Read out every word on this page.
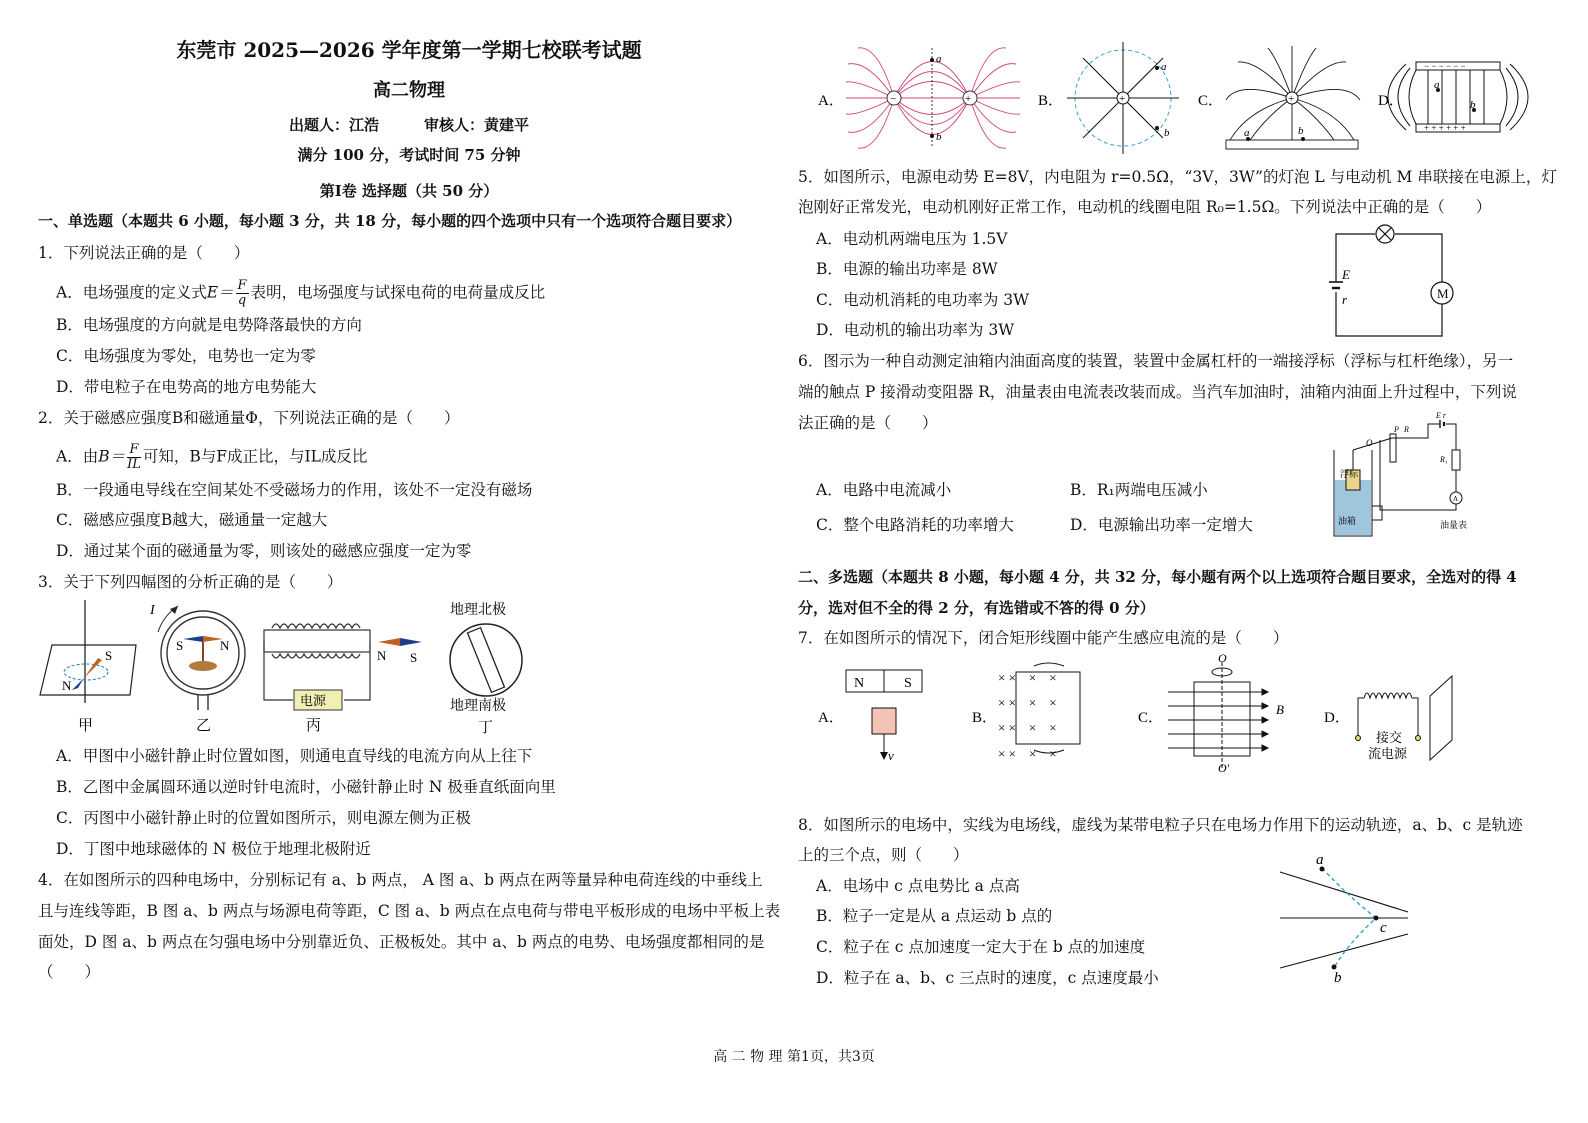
东莞市 2025—2026 学年度第一学期七校联考试题
高二物理
出题人：江浩　　　审核人：黄建平
满分 100 分，考试时间 75 分钟
第Ⅰ卷 选择题（共 50 分）
一、单选题（本题共 6 小题，每小题 3 分，共 18 分，每小题的四个选项中只有一个选项符合题目要求）
1．下列说法正确的是（　　）
A．电场强度的定义式$E= \frac{F}{q}$ 表明，电场强度与试探电荷的电荷量成反比
B．电场强度的方向就是电势降落最快的方向
C．电场强度为零处，电势也一定为零
D．带电粒子在电势高的地方电势能大
2．关于磁感应强度B和磁通量Φ，下列说法正确的是（　　）
A．由$B= \frac{F}{IL}$ 可知，B与F成正比，与IL成反比
B．一段通电导线在空间某处不受磁场力的作用，该处不一定没有磁场
C．磁感应强度B越大，磁通量一定越大
D．通过某个面的磁通量为零，则该处的磁感应强度一定为零
3．关于下列四幅图的分析正确的是（　　）
S
N
甲
I
S	N
乙
电源
N S
丙
地理北极
地理南极
丁
A．甲图中小磁针静止时位置如图，则通电直导线的电流方向从上往下
B．乙图中金属圆环通以逆时针电流时，小磁针静止时 N 极垂直纸面向里
C．丙图中小磁针静止时的位置如图所示，则电源左侧为正极
D．丁图中地球磁体的 N 极位于地理北极附近
4．在如图所示的四种电场中，分别标记有 a、b 两点， A 图 a、b 两点在两等量异种电荷连线的中垂线上
且与连线等距，B 图 a、b 两点与场源电荷等距，C 图 a、b 两点在点电荷与带电平板形成的电场中平板上表
面处，D 图 a、b 两点在匀强电场中分别靠近负、正极板处。其中 a、b 两点的电势、电场强度都相同的是
（　　）
A．	−	+
a
b
B．	+
a
b
C．	+
a	b
D．
− − − − − −
+ + + + + +
a
b
5．如图所示，电源电动势 E=8V，内电阻为 r=0.5Ω，“3V，3W”的灯泡 L 与电动机 M 串联接在电源上，灯
泡刚好正常发光，电动机刚好正常工作，电动机的线圈电阻 R₀=1.5Ω。下列说法中正确的是（　　）
A．电动机两端电压为 1.5V
B．电源的输出功率是 8W
C．电动机消耗的电功率为 3W
D．电动机的输出功率为 3W
M
E
r
6．图示为一种自动测定油箱内油面高度的装置，装置中金属杠杆的一端接浮标（浮标与杠杆绝缘），另一
端的触点 P 接滑动变阻器 R，油量表由电流表改装而成。当汽车加油时，油箱内油面上升过程中，下列说
法正确的是（　　）
A．电路中电流减小	B．R₁两端电压减小
C．整个电路消耗的功率增大	D．电源输出功率一定增大
浮标
油箱	油量表
E r
O
P R
R₁
A
二、多选题（本题共 8 小题，每小题 4 分，共 32 分，每小题有两个以上选项符合题目要求，全选对的得 4
分，选对但不全的得 2 分，有选错或不答的得 0 分）
7．在如图所示的情况下，闭合矩形线圈中能产生感应电流的是（　　）
A．
N	S
v
B．
× ×　×　×
× ×　×　×
× ×　×　×
× ×　×　×
C．
B
O
O′
D．
接交
流电源
8．如图所示的电场中，实线为电场线，虚线为某带电粒子只在电场力作用下的运动轨迹，a、b、c 是轨迹
上的三个点，则（　　）
A．电场中 c 点电势比 a 点高
B．粒子一定是从 a 点运动 b 点的
C．粒子在 c 点加速度一定大于在 b 点的加速度
D．粒子在 a、b、c 三点时的速度，c 点速度最小
a
c
b
高 二 物 理 第1页，共3页
